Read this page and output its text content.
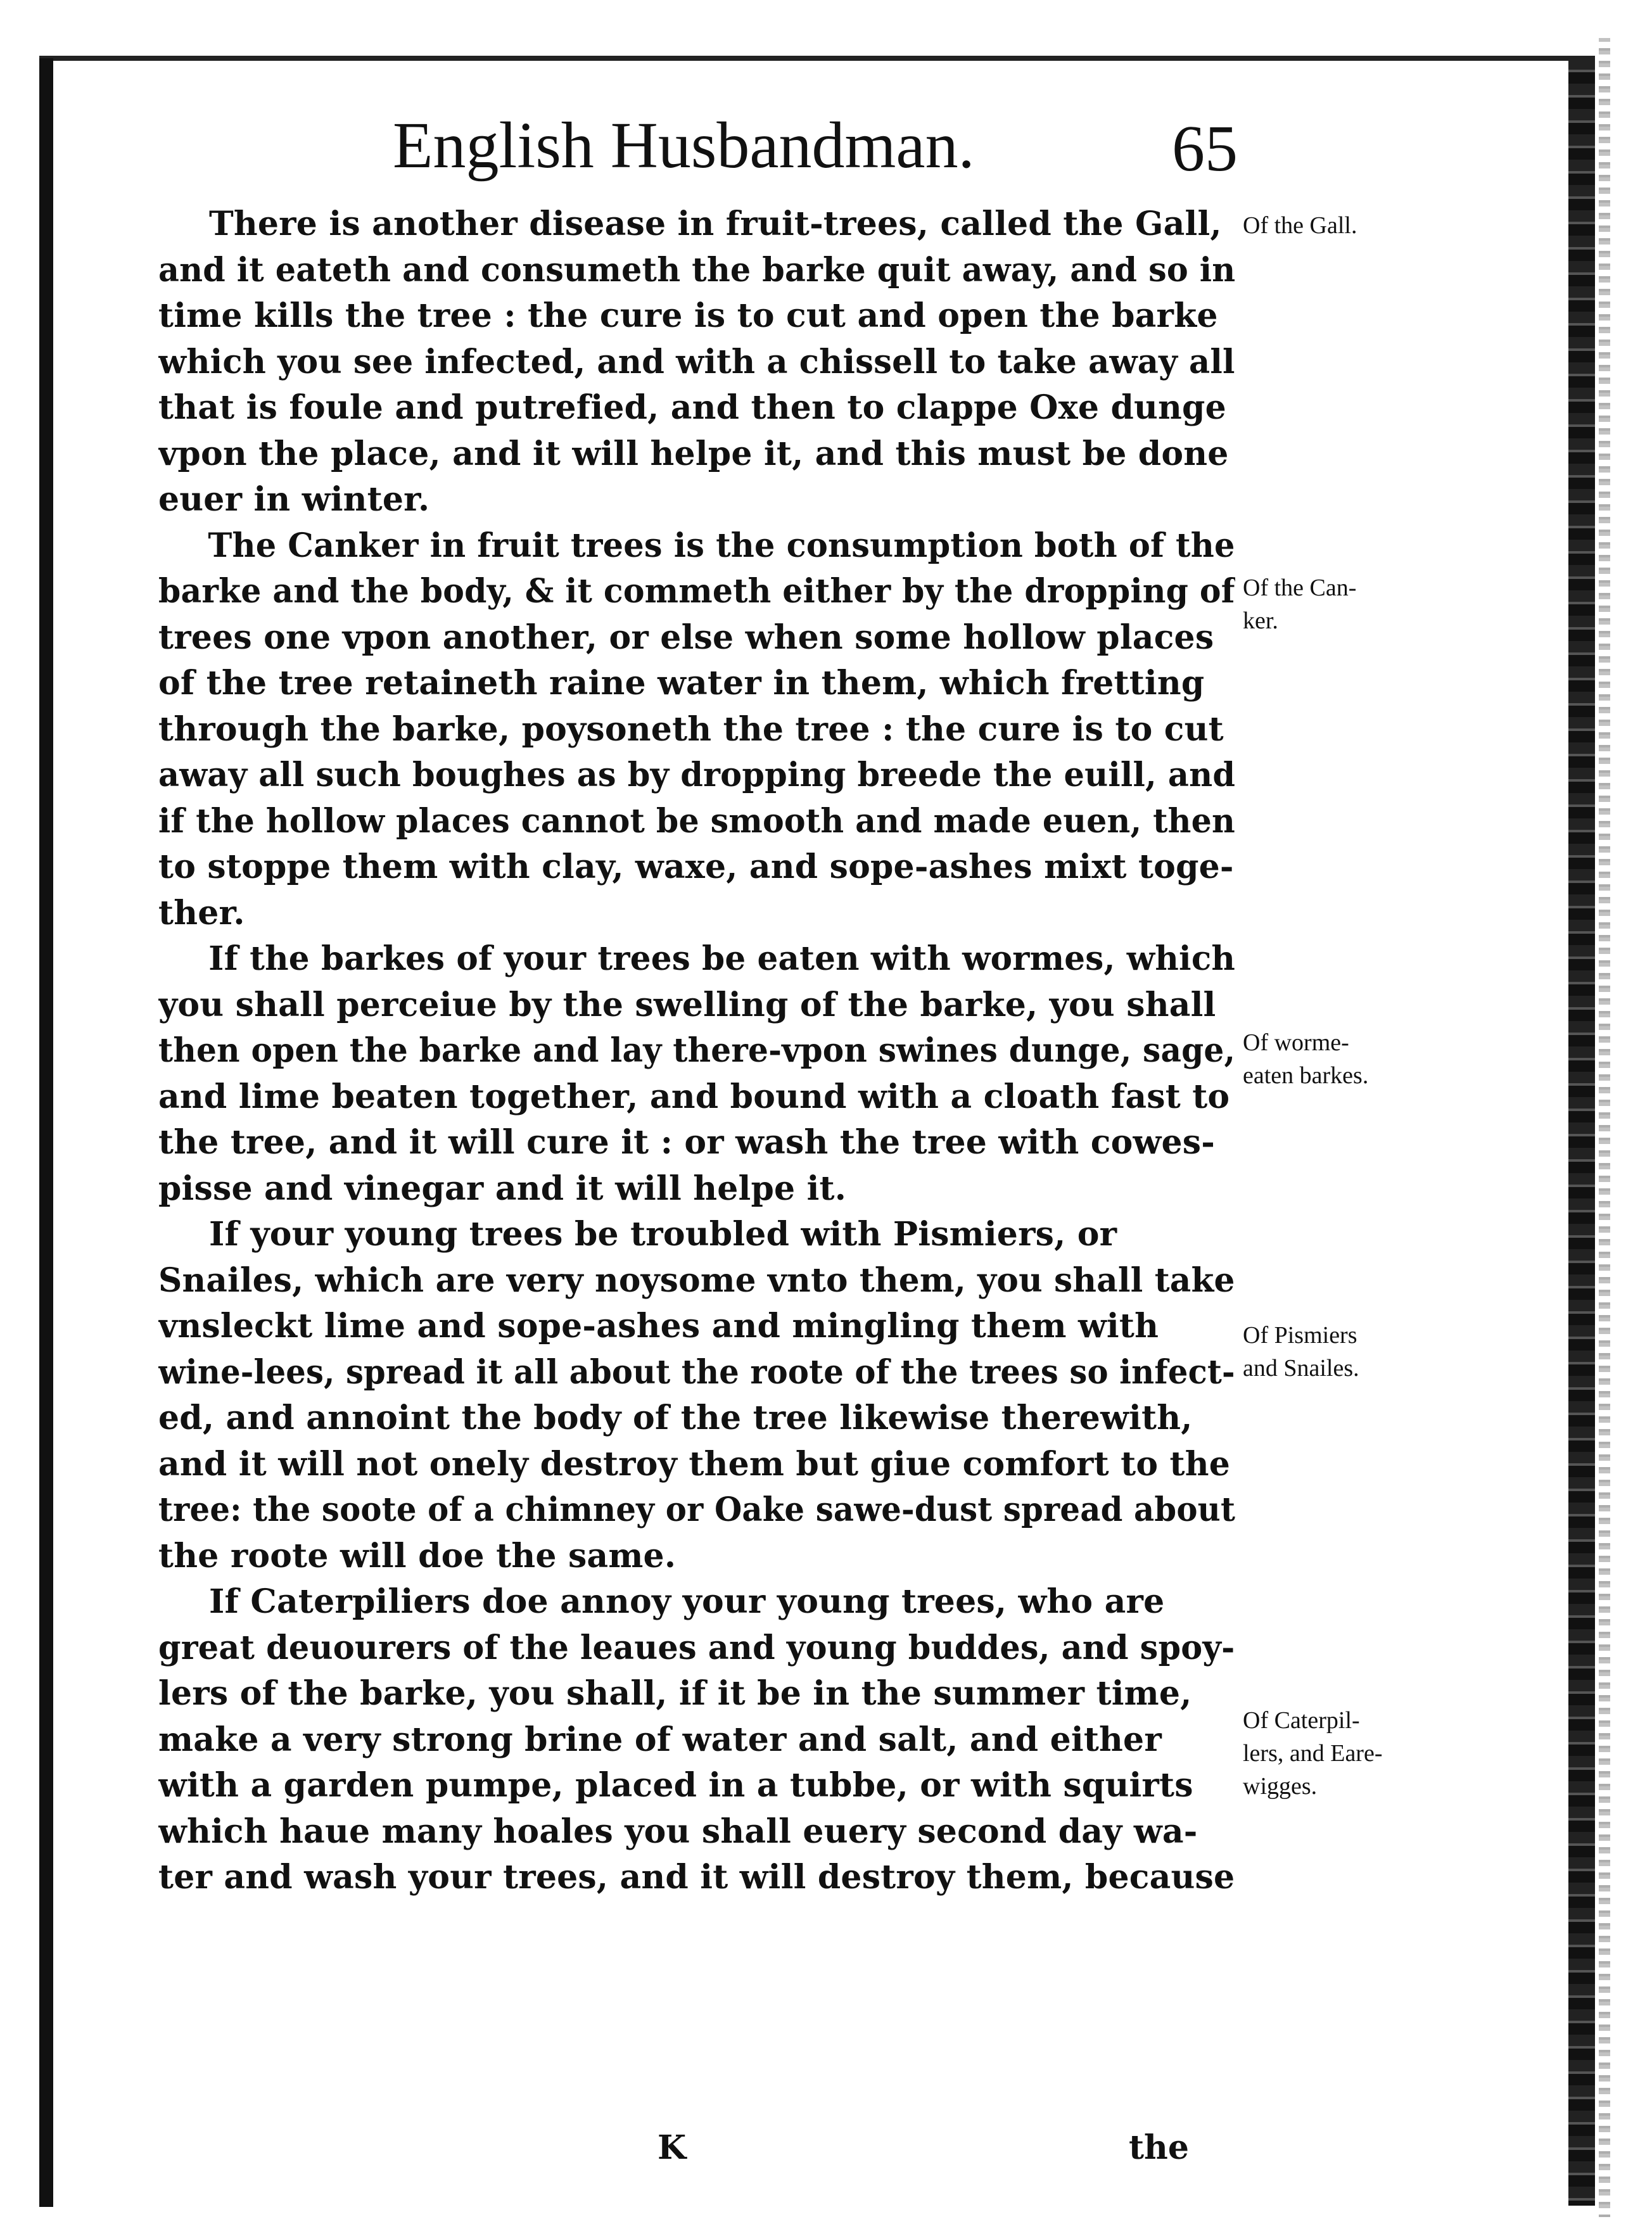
English Husbandman.	65
There is another disease in fruit-trees, called the Gall,
and it eateth and consumeth the barke quit away, and so in
time kills the tree : the cure is to cut and open the barke
which you see infected, and with a chissell to take away all
that is foule and putrefied, and then to clappe Oxe dunge
vpon the place, and it will helpe it, and this must be done
euer in winter.
The Canker in fruit trees is the consumption both of the
barke and the body, & it commeth either by the dropping of
trees one vpon another, or else when some hollow places
of the tree retaineth raine water in them, which fretting
through the barke, poysoneth the tree : the cure is to cut
away all such boughes as by dropping breede the euill, and
if the hollow places cannot be smooth and made euen, then
to stoppe them with clay, waxe, and sope-ashes mixt toge-
ther.
If the barkes of your trees be eaten with wormes, which
you shall perceiue by the swelling of the barke, you shall
then open the barke and lay there-vpon swines dunge, sage,
and lime beaten together, and bound with a cloath fast to
the tree, and it will cure it : or wash the tree with cowes-
pisse and vinegar and it will helpe it.
If your young trees be troubled with Pismiers, or
Snailes, which are very noysome vnto them, you shall take
vnsleckt lime and sope-ashes and mingling them with
wine-lees, spread it all about the roote of the trees so infect-
ed, and annoint the body of the tree likewise therewith,
and it will not onely destroy them but giue comfort to the
tree: the soote of a chimney or Oake sawe-dust spread about
the roote will doe the same.
If Caterpiliers doe annoy your young trees, who are
great deuourers of the leaues and young buddes, and spoy-
lers of the barke, you shall, if it be in the summer time,
make a very strong brine of water and salt, and either
with a garden pumpe, placed in a tubbe, or with squirts
which haue many hoales you shall euery second day wa-
ter and wash your trees, and it will destroy them, because
Of the Gall.

Of the Can-
ker.

Of worme-
eaten barkes.

Of Pismiers
and Snailes.

Of Caterpil-
lers, and Eare-
wigges.

K	the
